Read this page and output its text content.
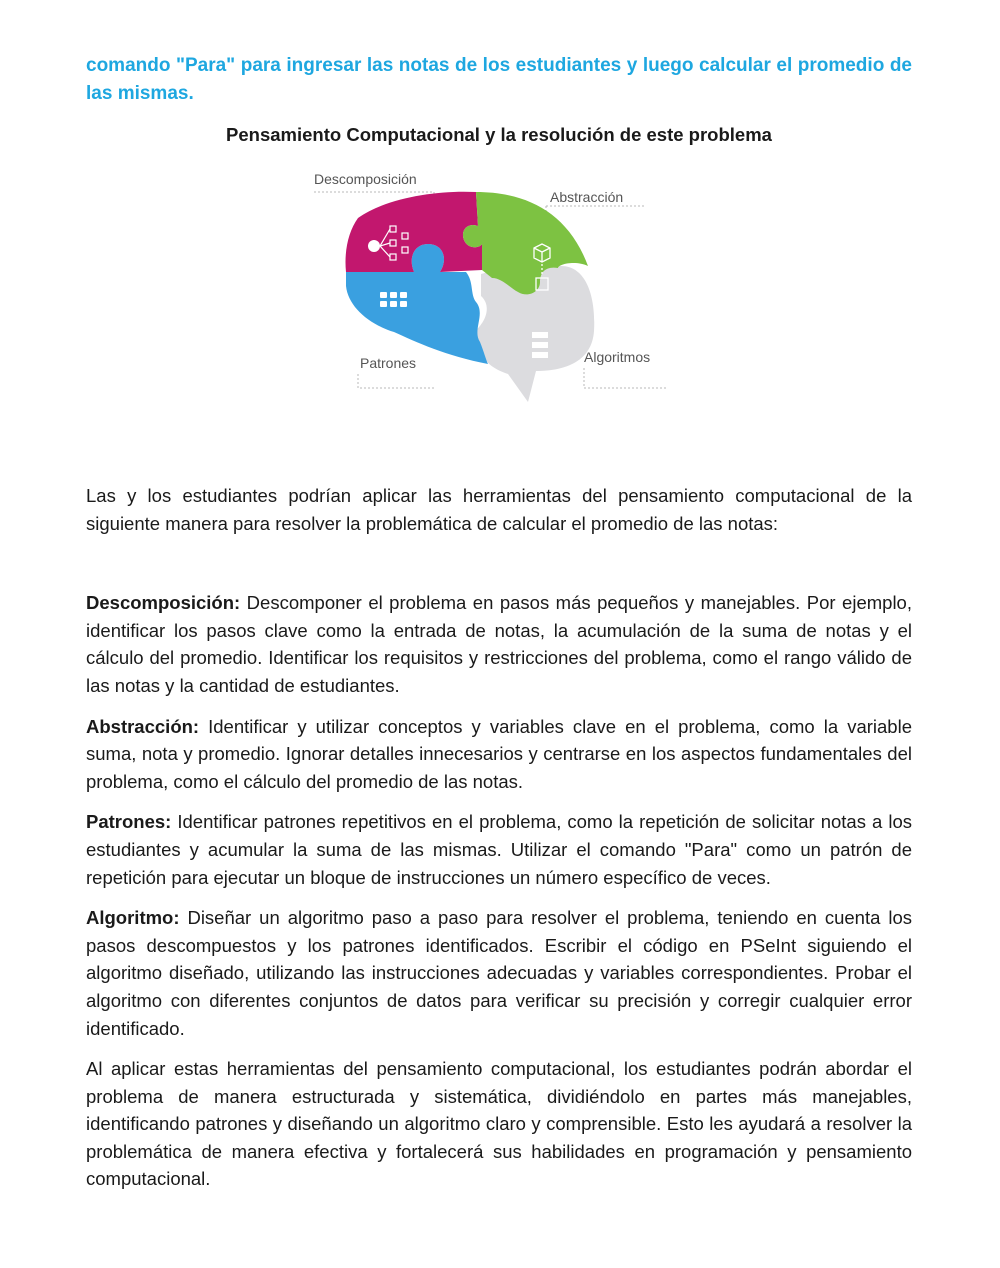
comando "Para" para ingresar las notas de los estudiantes y luego calcular el promedio de las mismas.

Pensamiento Computacional y la resolución de este problema

Descomposición
Abstracción
Patrones	Algoritmos

Las y los estudiantes podrían aplicar las herramientas del pensamiento computacional de la siguiente manera para resolver la problemática de calcular el promedio de las notas:

Descomposición: Descomponer el problema en pasos más pequeños y manejables. Por ejemplo, identificar los pasos clave como la entrada de notas, la acumulación de la suma de notas y el cálculo del promedio. Identificar los requisitos y restricciones del problema, como el rango válido de las notas y la cantidad de estudiantes.

Abstracción: Identificar y utilizar conceptos y variables clave en el problema, como la variable suma, nota y promedio. Ignorar detalles innecesarios y centrarse en los aspectos fundamentales del problema, como el cálculo del promedio de las notas.

Patrones: Identificar patrones repetitivos en el problema, como la repetición de solicitar notas a los estudiantes y acumular la suma de las mismas. Utilizar el comando "Para" como un patrón de repetición para ejecutar un bloque de instrucciones un número específico de veces.

Algoritmo: Diseñar un algoritmo paso a paso para resolver el problema, teniendo en cuenta los pasos descompuestos y los patrones identificados. Escribir el código en PSeInt siguiendo el algoritmo diseñado, utilizando las instrucciones adecuadas y variables correspondientes. Probar el algoritmo con diferentes conjuntos de datos para verificar su precisión y corregir cualquier error identificado.

Al aplicar estas herramientas del pensamiento computacional, los estudiantes podrán abordar el problema de manera estructurada y sistemática, dividiéndolo en partes más manejables, identificando patrones y diseñando un algoritmo claro y comprensible. Esto les ayudará a resolver la problemática de manera efectiva y fortalecerá sus habilidades en programación y pensamiento computacional.
